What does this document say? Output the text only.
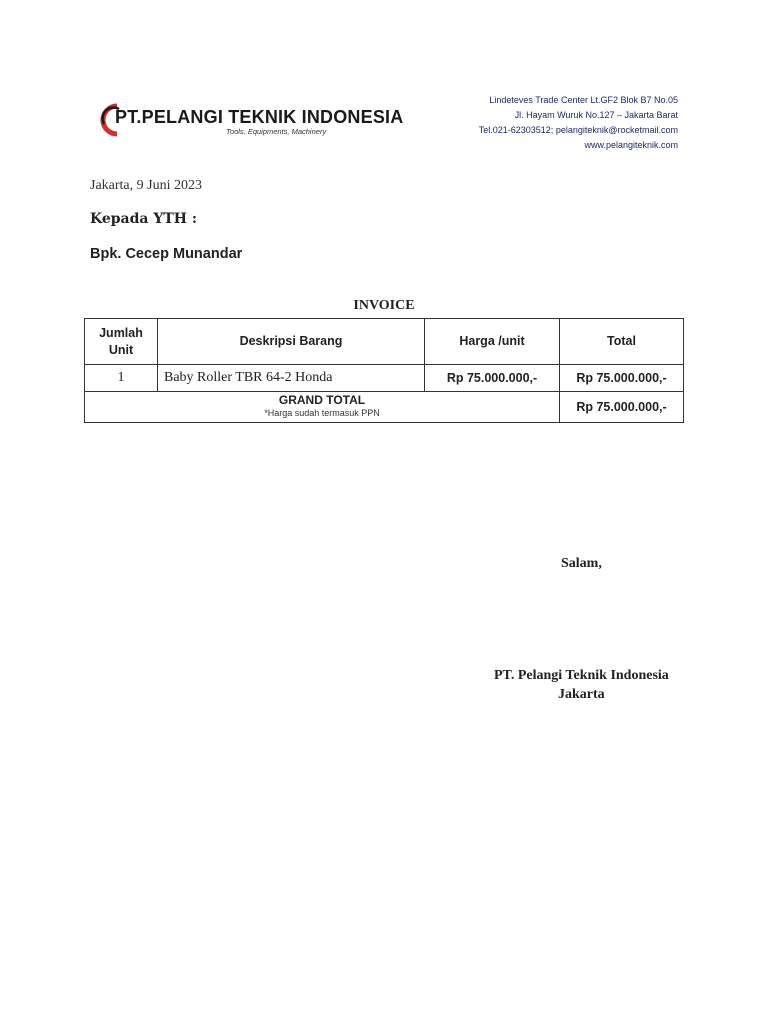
PT.PELANGI TEKNIK INDONESIA
Tools, Equipments, Machinery
Lindeteves Trade Center Lt.GF2 Blok B7 No.05
Jl. Hayam Wuruk No.127 – Jakarta Barat
Tel.021-62303512; pelangiteknik@rocketmail.com
www.pelangiteknik.com
Jakarta, 9 Juni 2023
Kepada YTH :
Bpk. Cecep Munandar
INVOICE
Jumlah
Unit	Deskripsi Barang	Harga /unit	Total
1	Baby Roller TBR 64-2 Honda	Rp 75.000.000,-	Rp 75.000.000,-

GRAND TOTAL
*Harga sudah termasuk PPN			Rp 75.000.000,-
Salam,
PT. Pelangi Teknik Indonesia
Jakarta
